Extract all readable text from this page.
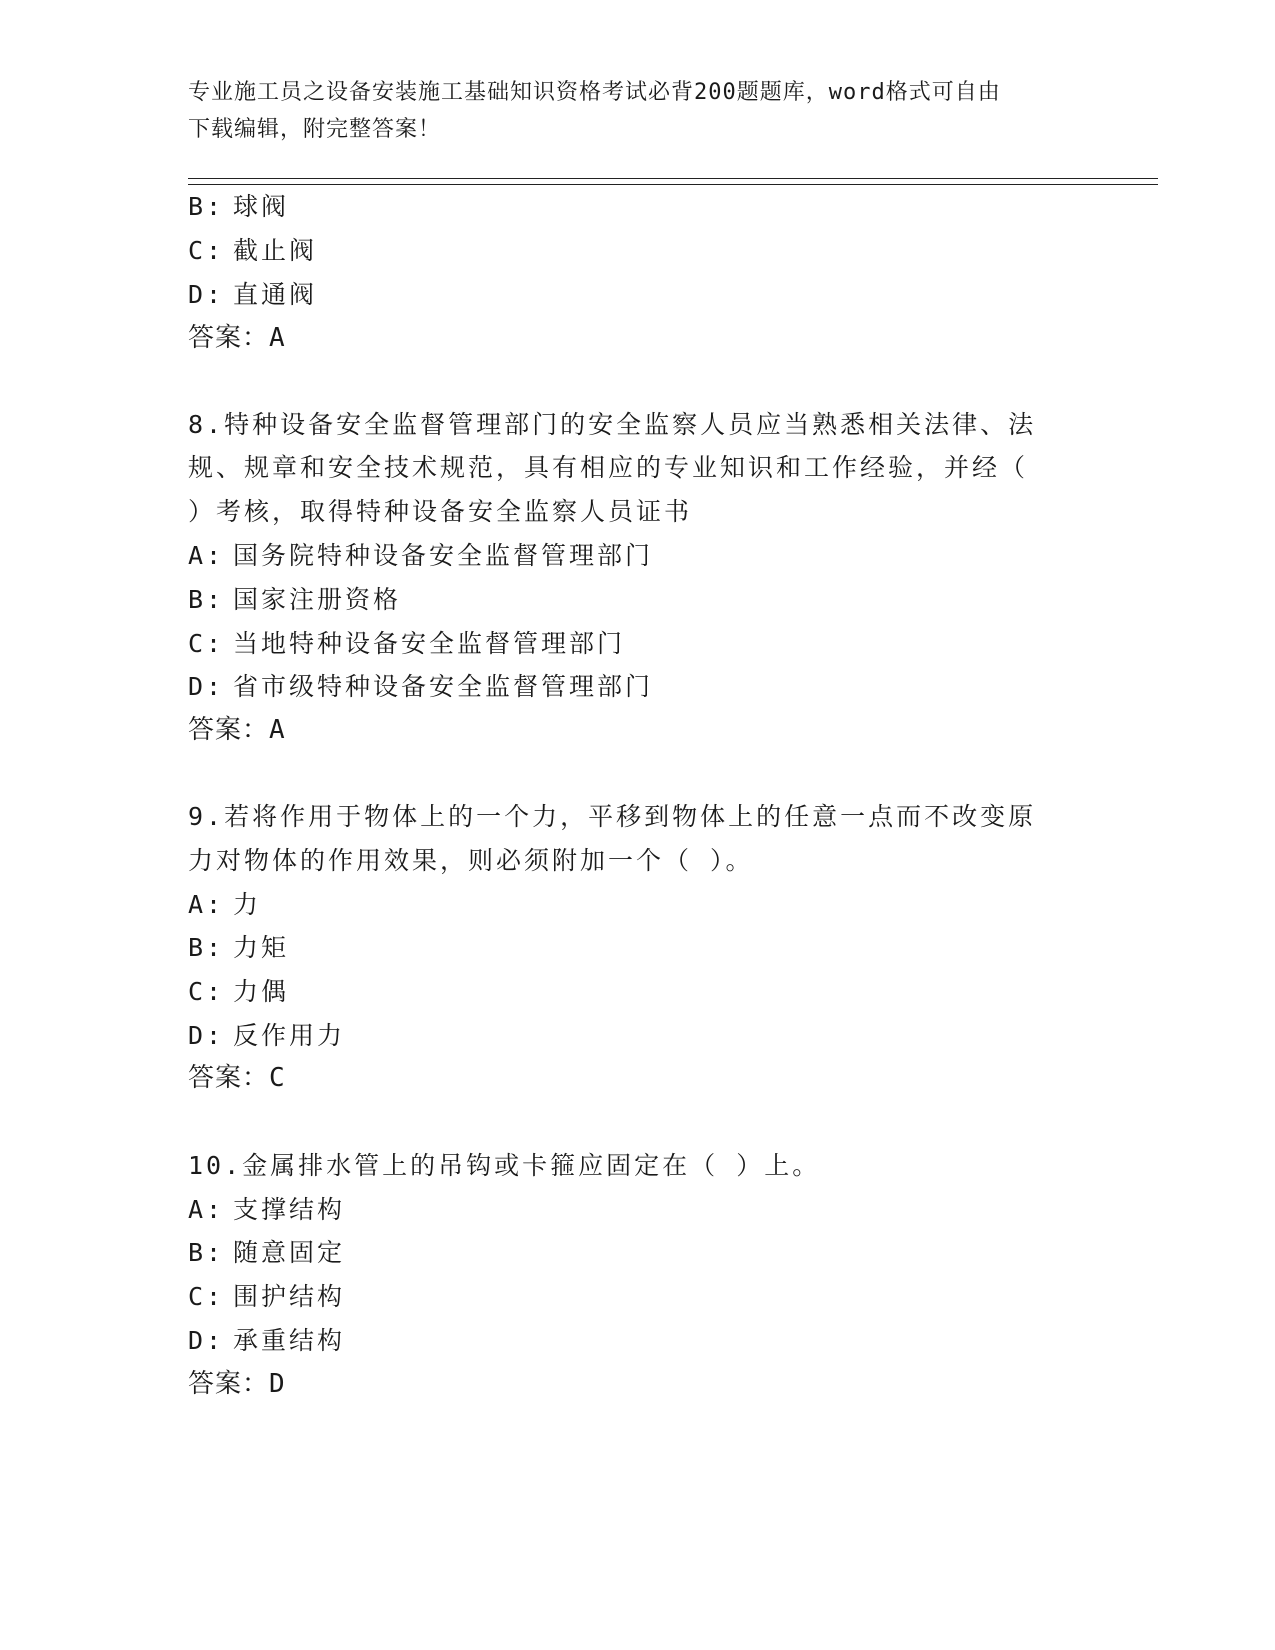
专业施工员之设备安装施工基础知识资格考试必背200题题库，word格式可自由

下载编辑，附完整答案！

B: 球阀
C: 截止阀
D: 直通阀
答案：A
8.特种设备安全监督管理部门的安全监察人员应当熟悉相关法律、法
规、规章和安全技术规范，具有相应的专业知识和工作经验，并经（
）考核，取得特种设备安全监察人员证书
A: 国务院特种设备安全监督管理部门
B: 国家注册资格
C: 当地特种设备安全监督管理部门
D: 省市级特种设备安全监督管理部门
答案：A
9.若将作用于物体上的一个力，平移到物体上的任意一点而不改变原
力对物体的作用效果，则必须附加一个（ ）。
A: 力
B: 力矩
C: 力偶
D: 反作用力
答案：C
10.金属排水管上的吊钩或卡箍应固定在（ ）上。
A: 支撑结构
B: 随意固定
C: 围护结构
D: 承重结构
答案：D
